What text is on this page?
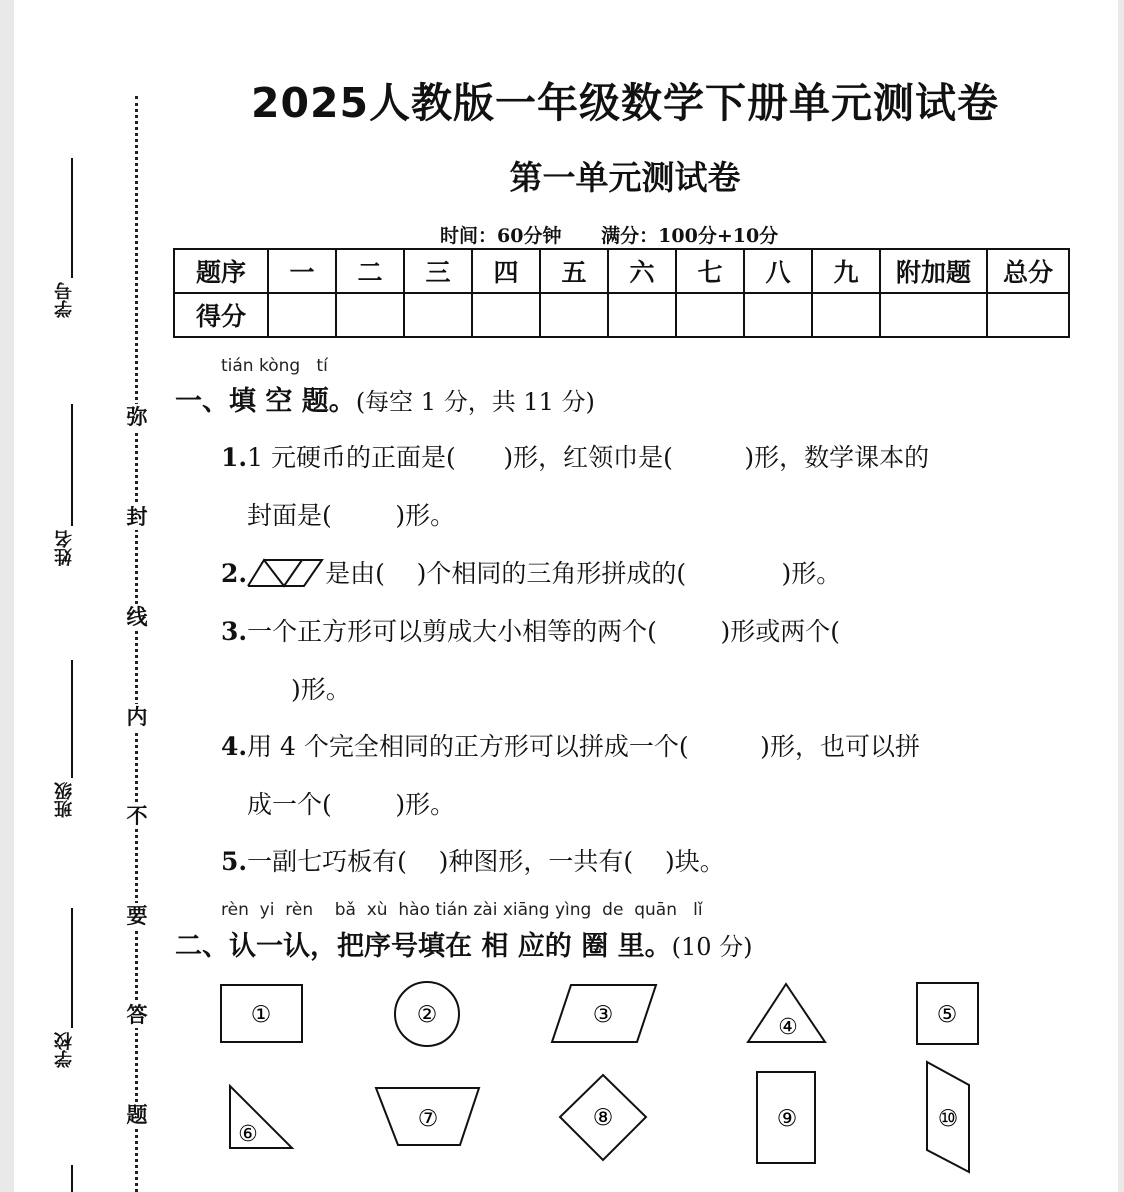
学号
姓名
班级
学校
弥
封
线
内
不
要
答
题
2025人教版一年级数学下册单元测试卷
第一单元测试卷
时间：60分钟 满分：100分+10分
题序	一	二	三	四	五	六	七	八	九	附加题	总分
得分											
tián kòng   tí
一、填 空 题。(每空 1 分，共 11 分)
1.1 元硬币的正面是(      )形，红领巾是(         )形，数学课本的
封面是(        )形。
2.	是由(    )个相同的三角形拼成的(            )形。
3.一个正方形可以剪成大小相等的两个(        )形或两个(
)形。
4.用 4 个完全相同的正方形可以拼成一个(         )形，也可以拼
成一个(        )形。
5.一副七巧板有(    )种图形，一共有(    )块。
rèn  yi  rèn    bǎ  xù  hào tián zài xiāng yìng  de  quān   lǐ
二、认一认，把序号填在 相 应的 圈 里。(10 分)
①	②	③	④	⑤
⑥
⑦	⑧	⑨	⑩
